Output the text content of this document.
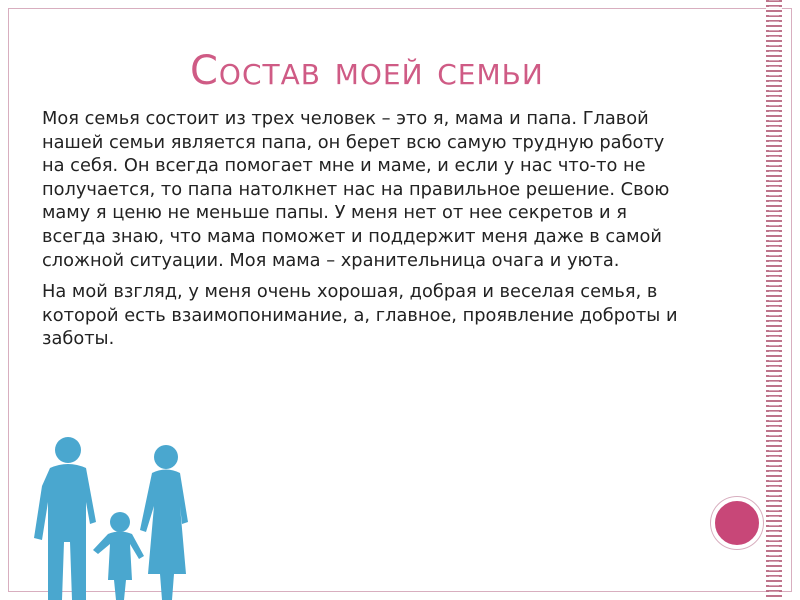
Состав моей семьи

Моя семья состоит из трех человек – это я, мама и папа. Главой нашей семьи является папа, он берет всю самую трудную работу на себя. Он всегда помогает мне и маме, и если у нас что-то не получается, то папа натолкнет нас на правильное решение. Свою маму я ценю не меньше папы. У меня нет от нее секретов и я всегда знаю, что мама поможет и поддержит меня даже в самой сложной ситуации. Моя мама – хранительница очага и уюта.

На мой взгляд, у меня очень хорошая, добрая и веселая семья, в которой есть взаимопонимание, а, главное, проявление доброты и заботы.
